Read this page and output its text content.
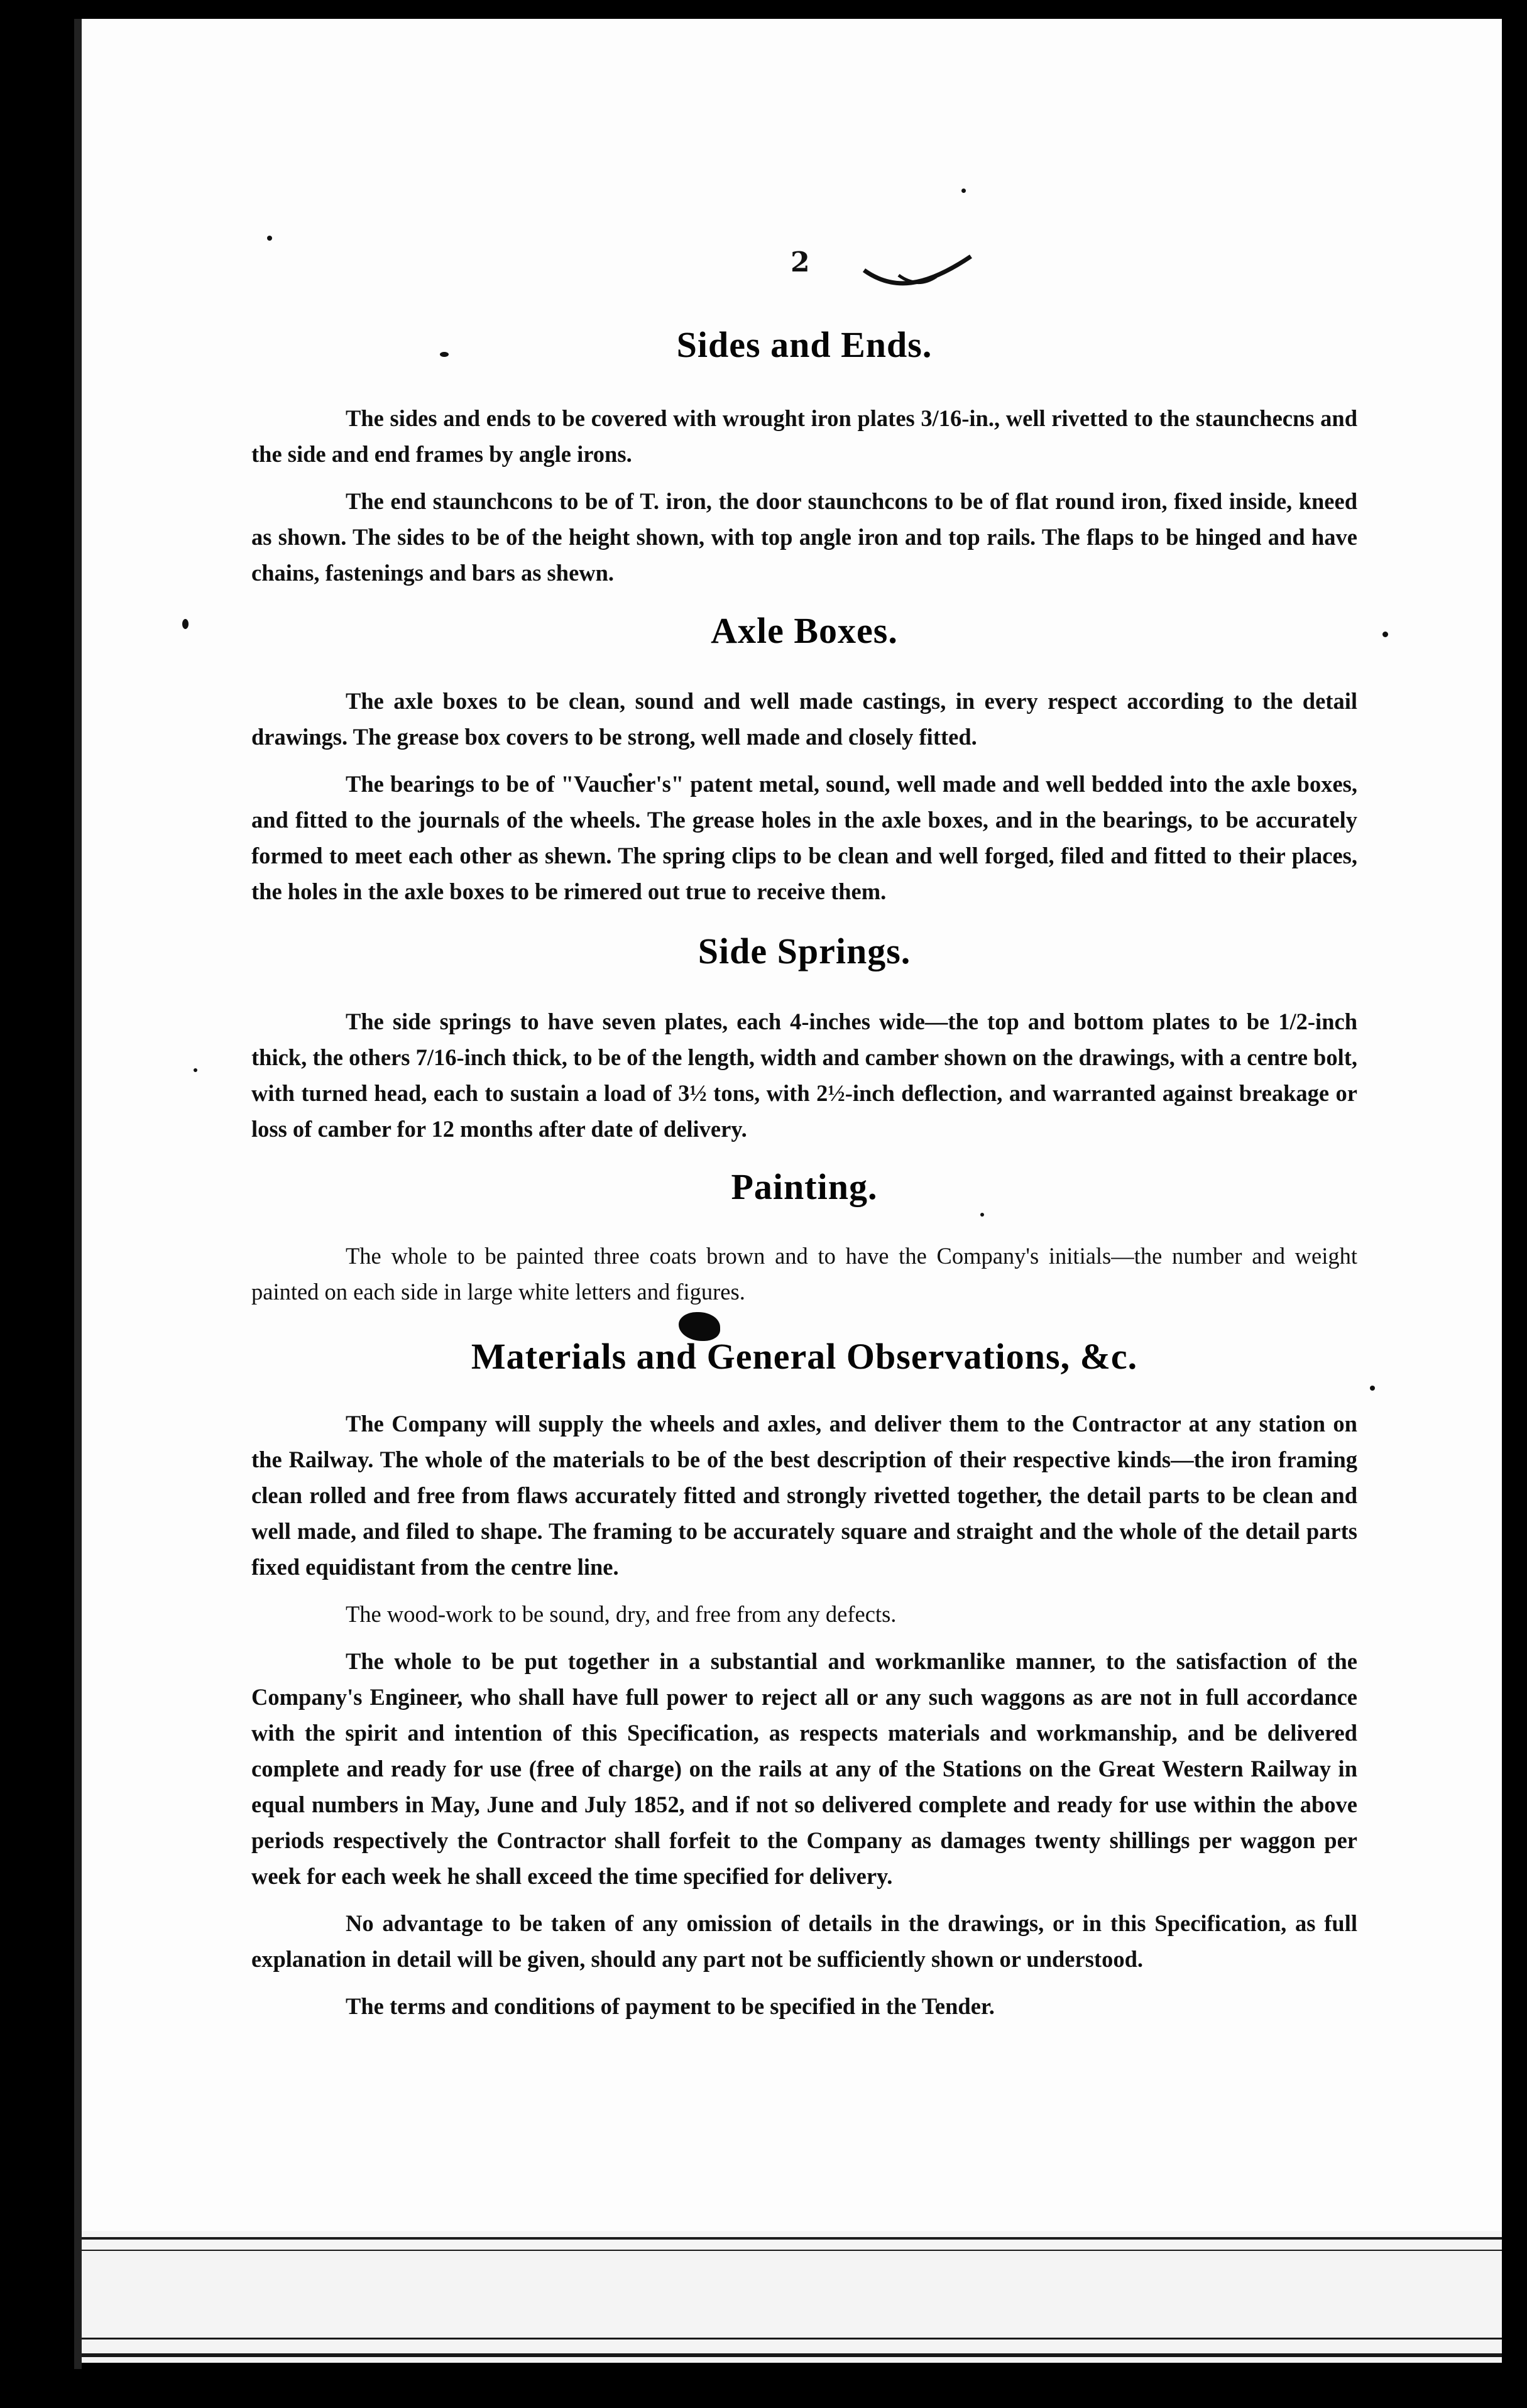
2
Sides and Ends.

The sides and ends to be covered with wrought iron plates 3/16-in., well rivetted to the staunchecns and the side and end frames by angle irons.

The end staunchcons to be of T. iron, the door staunchcons to be of flat round iron, fixed inside, kneed as shown. The sides to be of the height shown, with top angle iron and top rails. The flaps to be hinged and have chains, fastenings and bars as shewn.

Axle Boxes.

The axle boxes to be clean, sound and well made castings, in every respect according to the detail drawings. The grease box covers to be strong, well made and closely fitted.

The bearings to be of "Vaucher's" patent metal, sound, well made and well bedded into the axle boxes, and fitted to the journals of the wheels. The grease holes in the axle boxes, and in the bearings, to be accurately formed to meet each other as shewn. The spring clips to be clean and well forged, filed and fitted to their places, the holes in the axle boxes to be rimered out true to receive them.

Side Springs.

The side springs to have seven plates, each 4-inches wide—the top and bottom plates to be 1/2-inch thick, the others 7/16-inch thick, to be of the length, width and camber shown on the drawings, with a centre bolt, with turned head, each to sustain a load of 3½ tons, with 2½-inch deflection, and warranted against breakage or loss of camber for 12 months after date of delivery.

Painting.

The whole to be painted three coats brown and to have the Company's initials—the number and weight painted on each side in large white letters and figures.

Materials and General Observations, &c.

The Company will supply the wheels and axles, and deliver them to the Contractor at any station on the Railway. The whole of the materials to be of the best description of their respective kinds—the iron framing clean rolled and free from flaws accurately fitted and strongly rivetted together, the detail parts to be clean and well made, and filed to shape. The framing to be accurately square and straight and the whole of the detail parts fixed equidistant from the centre line.

The wood-work to be sound, dry, and free from any defects.

The whole to be put together in a substantial and workmanlike manner, to the satisfaction of the Company's Engineer, who shall have full power to reject all or any such waggons as are not in full accordance with the spirit and intention of this Specification, as respects materials and workmanship, and be delivered complete and ready for use (free of charge) on the rails at any of the Stations on the Great Western Railway in equal numbers in May, June and July 1852, and if not so delivered complete and ready for use within the above periods respectively the Contractor shall forfeit to the Company as damages twenty shillings per waggon per week for each week he shall exceed the time specified for delivery.

No advantage to be taken of any omission of details in the drawings, or in this Specification, as full explanation in detail will be given, should any part not be sufficiently shown or understood.

The terms and conditions of payment to be specified in the Tender.
